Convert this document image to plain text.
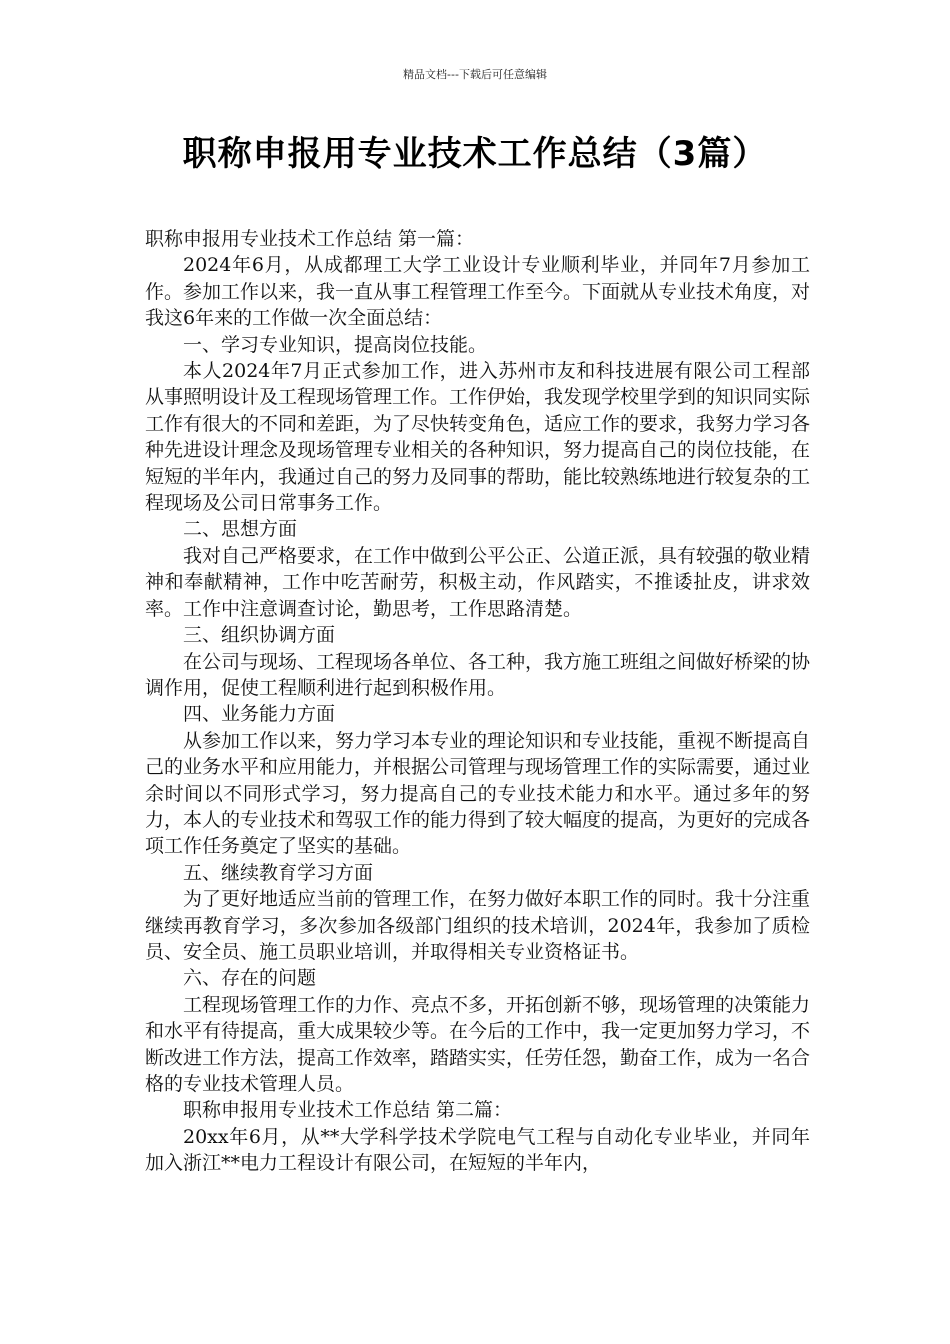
精品文档---下载后可任意编辑
职称申报用专业技术工作总结（3篇）

职称申报用专业技术工作总结 第一篇：

2024年6月，从成都理工大学工业设计专业顺利毕业，并同年7月参加工作。参加工作以来，我一直从事工程管理工作至今。下面就从专业技术角度，对我这6年来的工作做一次全面总结：

一、学习专业知识，提高岗位技能。

本人2024年7月正式参加工作，进入苏州市友和科技进展有限公司工程部从事照明设计及工程现场管理工作。工作伊始，我发现学校里学到的知识同实际工作有很大的不同和差距，为了尽快转变角色，适应工作的要求，我努力学习各种先进设计理念及现场管理专业相关的各种知识，努力提高自己的岗位技能，在短短的半年内，我通过自己的努力及同事的帮助，能比较熟练地进行较复杂的工程现场及公司日常事务工作。

二、思想方面

我对自己严格要求，在工作中做到公平公正、公道正派，具有较强的敬业精神和奉献精神，工作中吃苦耐劳，积极主动，作风踏实，不推诿扯皮，讲求效率。工作中注意调查讨论，勤思考，工作思路清楚。

三、组织协调方面

在公司与现场、工程现场各单位、各工种，我方施工班组之间做好桥梁的协调作用，促使工程顺利进行起到积极作用。

四、业务能力方面

从参加工作以来，努力学习本专业的理论知识和专业技能，重视不断提高自己的业务水平和应用能力，并根据公司管理与现场管理工作的实际需要，通过业余时间以不同形式学习，努力提高自己的专业技术能力和水平。通过多年的努力，本人的专业技术和驾驭工作的能力得到了较大幅度的提高，为更好的完成各项工作任务奠定了坚实的基础。

五、继续教育学习方面

为了更好地适应当前的管理工作，在努力做好本职工作的同时。我十分注重继续再教育学习，多次参加各级部门组织的技术培训，2024年，我参加了质检员、安全员、施工员职业培训，并取得相关专业资格证书。

六、存在的问题

工程现场管理工作的力作、亮点不多，开拓创新不够，现场管理的决策能力和水平有待提高，重大成果较少等。在今后的工作中，我一定更加努力学习，不断改进工作方法，提高工作效率，踏踏实实，任劳任怨，勤奋工作，成为一名合格的专业技术管理人员。

职称申报用专业技术工作总结 第二篇：

20xx年6月，从**大学科学技术学院电气工程与自动化专业毕业，并同年加入浙江**电力工程设计有限公司，在短短的半年内，
